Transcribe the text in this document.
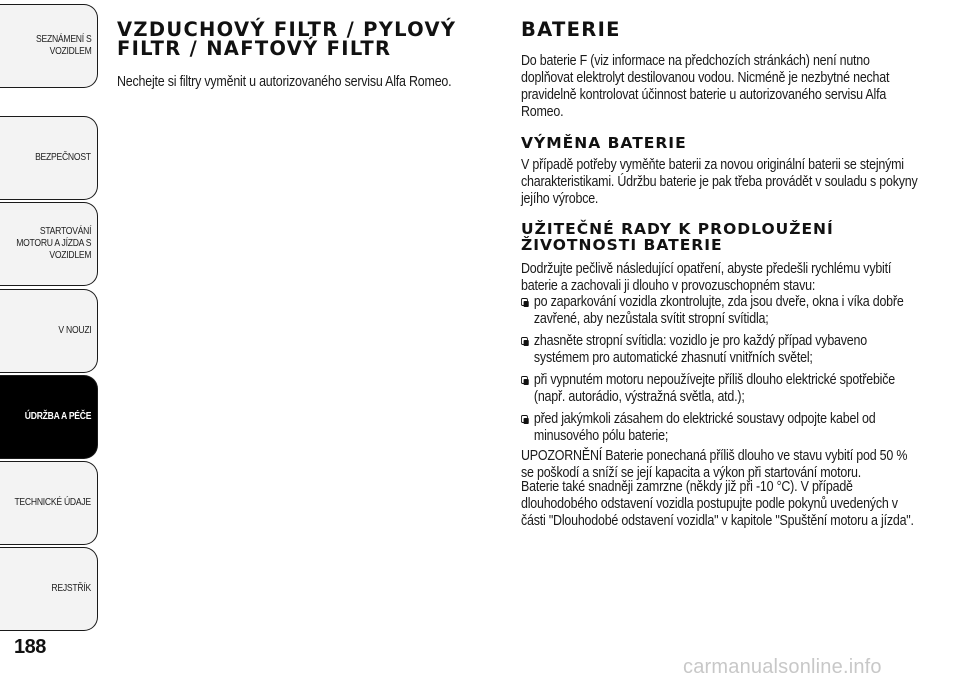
SEZNÁMENÍ S
VOZIDLEM
BEZPEČNOST
STARTOVÁNÍ
MOTORU A JÍZDA S
VOZIDLEM
V NOUZI
ÚDRŽBA A PÉČE
TECHNICKÉ ÚDAJE
REJSTŘÍK
188
VZDUCHOVÝ FILTR / PYLOVÝ FILTR / NAFTOVÝ FILTR

Nechejte si filtry vyměnit u autorizovaného servisu Alfa Romeo.

BATERIE

Do baterie F (viz informace na předchozích stránkách) není nutno doplňovat elektrolyt destilovanou vodou. Nicméně je nezbytné nechat pravidelně kontrolovat účinnost baterie u autorizovaného servisu Alfa Romeo.

VÝMĚNA BATERIE

V případě potřeby vyměňte baterii za novou originální baterii se stejnými charakteristikami. Údržbu baterie je pak třeba provádět v souladu s pokyny jejího výrobce.

UŽITEČNÉ RADY K PRODLOUŽENÍ ŽIVOTNOSTI BATERIE

Dodržujte pečlivě následující opatření, abyste předešli rychlému vybití baterie a zachovali ji dlouho v provozuschopném stavu:

po zaparkování vozidla zkontrolujte, zda jsou dveře, okna i víka dobře zavřené, aby nezůstala svítit stropní svítidla;
zhasněte stropní svítidla: vozidlo je pro každý případ vybaveno systémem pro automatické zhasnutí vnitřních světel;
při vypnutém motoru nepoužívejte příliš dlouho elektrické spotřebiče (např. autorádio, výstražná světla, atd.);
před jakýmkoli zásahem do elektrické soustavy odpojte kabel od minusového pólu baterie;

UPOZORNĚNÍ Baterie ponechaná příliš dlouho ve stavu vybití pod 50 % se poškodí a sníží se její kapacita a výkon při startování motoru.

Baterie také snadněji zamrzne (někdy již při -10 °C). V případě dlouhodobého odstavení vozidla postupujte podle pokynů uvedených v části "Dlouhodobé odstavení vozidla" v kapitole "Spuštění motoru a jízda".

carmanualsonline.info
